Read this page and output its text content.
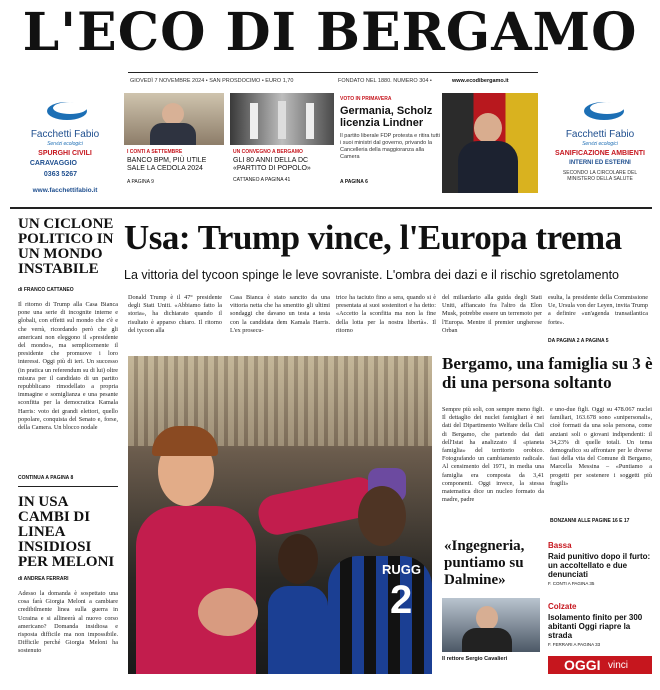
L'ECO DI BERGAMO
GIOVEDÌ 7 NOVEMBRE 2024 • SAN PROSDOCIMO • EURO 1,70	FONDATO NEL 1880. NUMERO 304 •	www.ecodibergamo.it
Facchetti Fabio
Servizi ecologici
SPURGHI CIVILI
CARAVAGGIO
0363 5267
www.facchettifabio.it
I CONTI A SETTEMBRE
BANCO BPM, PIÙ UTILE SALE LA CEDOLA 2024
A PAGINA 9
UN CONVEGNO A BERGAMO
GLI 80 ANNI DELLA DC «PARTITO DI POPOLO»
CATTANEO A PAGINA 41
VOTO IN PRIMAVERA
Germania, Scholz licenzia Lindner
Il partito liberale FDP protesta e ritira tutti i suoi ministri dal governo, privando la Cancelleria della maggioranza alla Camera
A PAGINA 6
Facchetti Fabio
Servizi ecologici
SANIFICAZIONE AMBIENTI
INTERNI ED ESTERNI
SECONDO LA CIRCOLARE DEL MINISTERO DELLA SALUTE
UN CICLONE POLITICO IN UN MONDO INSTABILE
di FRANCO CATTANEO
Il ritorno di Trump alla Casa Bianca pone una serie di incognite interne e globali, con effetti sul mondo che c'è e che verrà, ricordando però che gli americani non eleggono il «presidente del mondo», ma semplicemente il presidente che promuove i loro interessi. Oggi più di ieri. Un successo (in pratica un referendum su di lui) oltre misura per il candidato di un partito repubblicano rimodellato a propria immagine e somiglianza e una pesante sconfitta per la democratica Kamala Harris: voto dei grandi elettori, quello popolare, conquista del Senato e, forse, della Camera. Un blocco nodale
CONTINUA A PAGINA 8
IN USA CAMBI DI LINEA INSIDIOSI PER MELONI
di ANDREA FERRARI
Adesso la domanda è sospettato una cosa farà Giorgia Meloni a cambiare credibilmente linea sulla guerra in Ucraina e si allineerà al nuovo corso americano? Domanda insidiosa e risposta difficile ma non impossibile. Difficile perché Giorgia Meloni ha sostenuto
Usa: Trump vince, l'Europa trema
La vittoria del tycoon spinge le leve sovraniste. L'ombra dei dazi e il rischio sgretolamento
Donald Trump è il 47° presidente degli Stati Uniti. «Abbiamo fatto la storia», ha dichiarato quando il risultato è apparso chiaro. Il ritorno del tycoon alla
Casa Bianca è stato sancito da una vittoria netta che ha smentito gli ultimi sondaggi che davano un testa a testa con la candidata dem Kamala Harris. L'ex prosecu-
trice ha taciuto fino a sera, quando si è presentata ai suoi sostenitori e ha detto: «Accetto la sconfitta ma non la fine della lotta per la nostra libertà». Il ritorno
del miliardario alla guida degli Stati Uniti, affiancato fra l'altro da Elon Musk, potrebbe essere un terremoto per l'Europa. Mentre il premier ungherese Orban
esulta, la presidente della Commissione Ue, Ursula von der Leyen, invita Trump a definire «un'agenda transatlantica forte».
DA PAGINA 2 A PAGINA 5
RUGG
2
Bergamo, una famiglia su 3 è di una persona soltanto
Sempre più soli, con sempre meno figli. Il dettaglio dei nuclei famigliari è nei dati del Dipartimento Welfare della Cisl di Bergamo, che partendo dai dati dell'Istat ha analizzato il «pianeta famiglia» del territorio orobico. Fotografando un cambiamento radicale. Al censimento del 1971, in media una famiglia era composta da 3,41 componenti. Oggi invece, la stessa matematica dice un nucleo formato da madre, padre
e uno-due figli. Oggi su 478.067 nuclei familiari, 163.678 sono «unipersonali», cioè formati da una sola persona, come anziani soli o giovani indipendenti: il 34,23% di quelle totali. Un tema demografico su affrontare per le diverse fasi della vita del Comune di Bergamo, Marcella Messina – «Puntiamo a progetti per sostenere i soggetti più fragili»
BONZANNI ALLE PAGINE 16 E 17
«Ingegneria, puntiamo su Dalmine»
Il rettore Sergio Cavalieri
Bassa
Raid punitivo dopo il furto: un accoltellato e due denunciati
F. CONTI A PAGINA 35
Colzate
Isolamento finito per 300 abitanti Oggi riapre la strada
F. FERRARI A PAGINA 33
OGGI vinci
